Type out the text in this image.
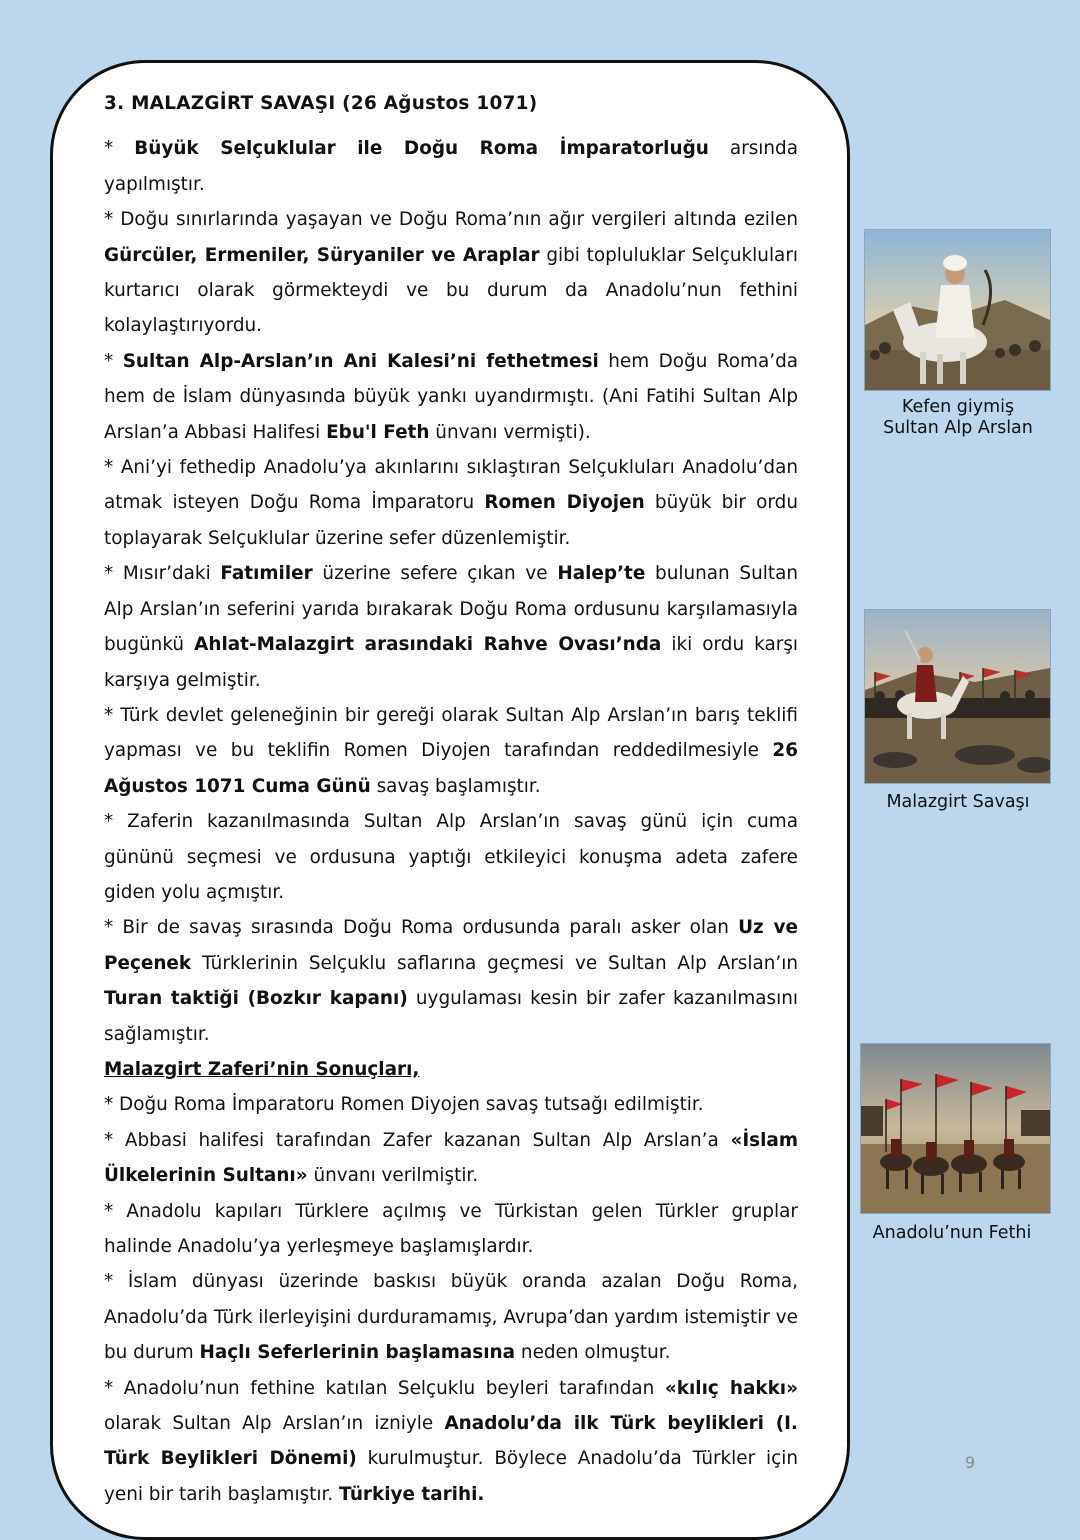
3. MALAZGİRT SAVAŞI (26 Ağustos 1071)

* Büyük Selçuklular ile Doğu Roma İmparatorluğu arsında yapılmıştır.

* Doğu sınırlarında yaşayan ve Doğu Roma’nın ağır vergileri altında ezilen Gürcüler, Ermeniler, Süryaniler ve Araplar gibi topluluklar Selçukluları kurtarıcı olarak görmekteydi ve bu durum da Anadolu’nun fethini kolaylaştırıyordu.

* Sultan Alp-Arslan’ın Ani Kalesi’ni fethetmesi hem Doğu Roma’da hem de İslam dünyasında büyük yankı uyandırmıştı. (Ani Fatihi Sultan Alp Arslan’a Abbasi Halifesi Ebu'l Feth ünvanı vermişti).

* Ani’yi fethedip Anadolu’ya akınlarını sıklaştıran Selçukluları Anadolu’dan atmak isteyen Doğu Roma İmparatoru Romen Diyojen büyük bir ordu toplayarak Selçuklular üzerine sefer düzenlemiştir.

* Mısır’daki Fatımiler üzerine sefere çıkan ve Halep’te bulunan Sultan Alp Arslan’ın seferini yarıda bırakarak Doğu Roma ordusunu karşılamasıyla bugünkü Ahlat-Malazgirt arasındaki Rahve Ovası’nda iki ordu karşı karşıya gelmiştir.

* Türk devlet geleneğinin bir gereği olarak Sultan Alp Arslan’ın barış teklifi yapması ve bu teklifin Romen Diyojen tarafından reddedilmesiyle 26 Ağustos 1071 Cuma Günü savaş başlamıştır.

* Zaferin kazanılmasında Sultan Alp Arslan’ın savaş günü için cuma gününü seçmesi ve ordusuna yaptığı etkileyici konuşma adeta zafere giden yolu açmıştır.

* Bir de savaş sırasında Doğu Roma ordusunda paralı asker olan Uz ve Peçenek Türklerinin Selçuklu saflarına geçmesi ve Sultan Alp Arslan’ın Turan taktiği (Bozkır kapanı) uygulaması kesin bir zafer kazanılmasını sağlamıştır.

Malazgirt Zaferi’nin Sonuçları,

* Doğu Roma İmparatoru Romen Diyojen savaş tutsağı edilmiştir.

* Abbasi halifesi tarafından Zafer kazanan Sultan Alp Arslan’a «İslam Ülkelerinin Sultanı» ünvanı verilmiştir.

* Anadolu kapıları Türklere açılmış ve Türkistan gelen Türkler gruplar halinde Anadolu’ya yerleşmeye başlamışlardır.

* İslam dünyası üzerinde baskısı büyük oranda azalan Doğu Roma, Anadolu’da Türk ilerleyişini durduramamış, Avrupa’dan yardım istemiştir ve bu durum Haçlı Seferlerinin başlamasına neden olmuştur.

* Anadolu’nun fethine katılan Selçuklu beyleri tarafından «kılıç hakkı» olarak Sultan Alp Arslan’ın izniyle Anadolu’da ilk Türk beylikleri (I. Türk Beylikleri Dönemi) kurulmuştur. Böylece Anadolu’da Türkler için yeni bir tarih başlamıştır. Türkiye tarihi.

Kefen giymiş
Sultan Alp Arslan
Malazgirt Savaşı
Anadolu’nun Fethi
9
